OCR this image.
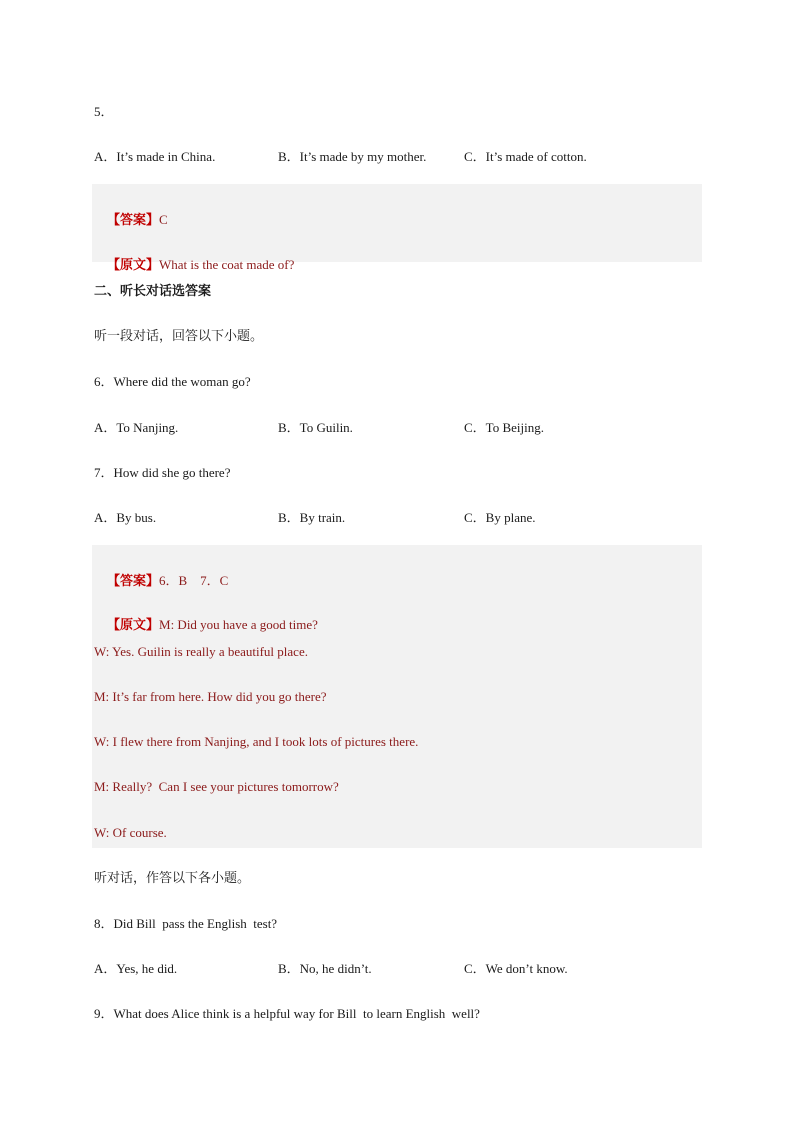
5．
A．It’s made in China.	B．It’s made by my mother.	C．It’s made of cotton.

【答案】C

【原文】What is the coat made of?

二、听长对话选答案
听一段对话，回答以下小题。
6．Where did the woman go?
A．To Nanjing.	B．To Guilin.	C．To Beijing.
7．How did she go there?
A．By bus.	B．By train.	C．By plane.

【答案】6．B    7．C

【原文】M: Did you have a good time?

W: Yes. Guilin is really a beautiful place.
M: It’s far from here. How did you go there?
W: I flew there from Nanjing, and I took lots of pictures there.
M: Really?  Can I see your pictures tomorrow?
W: Of course.
听对话，作答以下各小题。
8．Did Bill  pass the English  test?
A．Yes, he did.	B．No, he didn’t.	C．We don’t know.
9．What does Alice think is a helpful way for Bill  to learn English  well?
